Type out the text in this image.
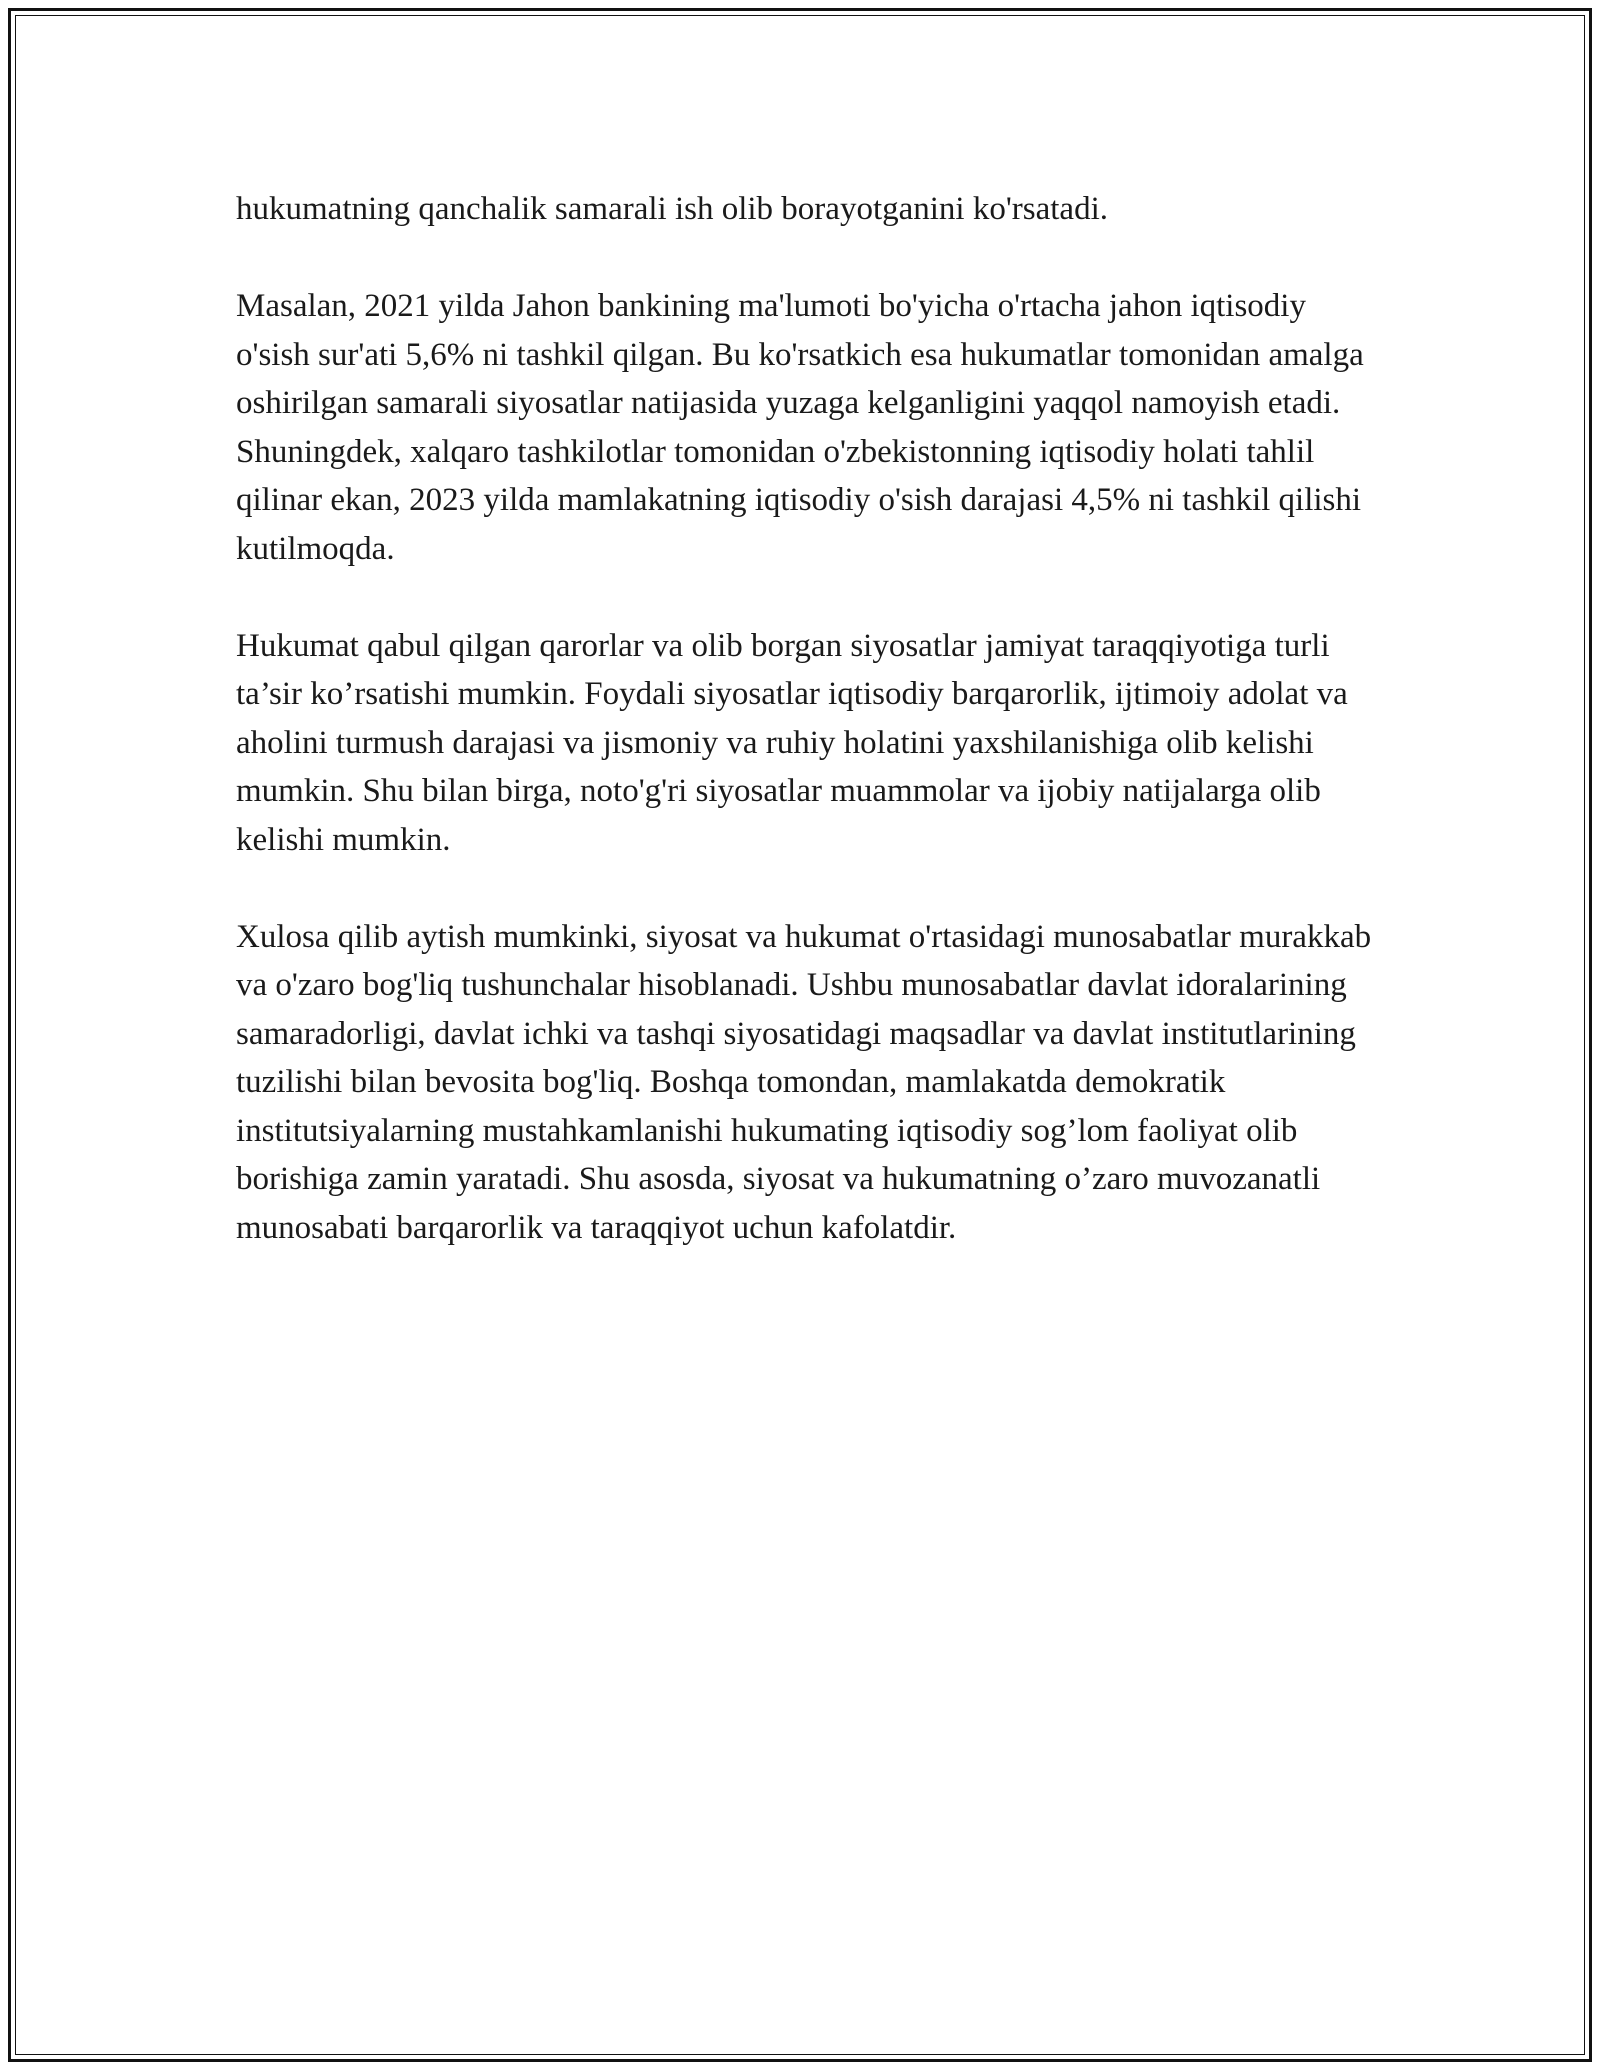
hukumatning qanchalik samarali ish olib borayotganini ko'rsatadi.

Masalan, 2021 yilda Jahon bankining ma'lumoti bo'yicha o'rtacha jahon iqtisodiy o'sish sur'ati 5,6% ni tashkil qilgan. Bu ko'rsatkich esa hukumatlar tomonidan amalga oshirilgan samarali siyosatlar natijasida yuzaga kelganligini yaqqol namoyish etadi. Shuningdek, xalqaro tashkilotlar tomonidan o'zbekistonning iqtisodiy holati tahlil qilinar ekan, 2023 yilda mamlakatning iqtisodiy o'sish darajasi 4,5% ni tashkil qilishi kutilmoqda.

Hukumat qabul qilgan qarorlar va olib borgan siyosatlar jamiyat taraqqiyotiga turli ta’sir ko’rsatishi mumkin. Foydali siyosatlar iqtisodiy barqarorlik, ijtimoiy adolat va aholini turmush darajasi va jismoniy va ruhiy holatini yaxshilanishiga olib kelishi mumkin. Shu bilan birga, noto'g'ri siyosatlar muammolar va ijobiy natijalarga olib kelishi mumkin.

Xulosa qilib aytish mumkinki, siyosat va hukumat o'rtasidagi munosabatlar murakkab va o'zaro bog'liq tushunchalar hisoblanadi. Ushbu munosabatlar davlat idoralarining samaradorligi, davlat ichki va tashqi siyosatidagi maqsadlar va davlat institutlarining tuzilishi bilan bevosita bog'liq. Boshqa tomondan, mamlakatda demokratik institutsiyalarning mustahkamlanishi hukumating iqtisodiy sog’lom faoliyat olib borishiga zamin yaratadi. Shu asosda, siyosat va hukumatning o’zaro muvozanatli munosabati barqarorlik va taraqqiyot uchun kafolatdir.
